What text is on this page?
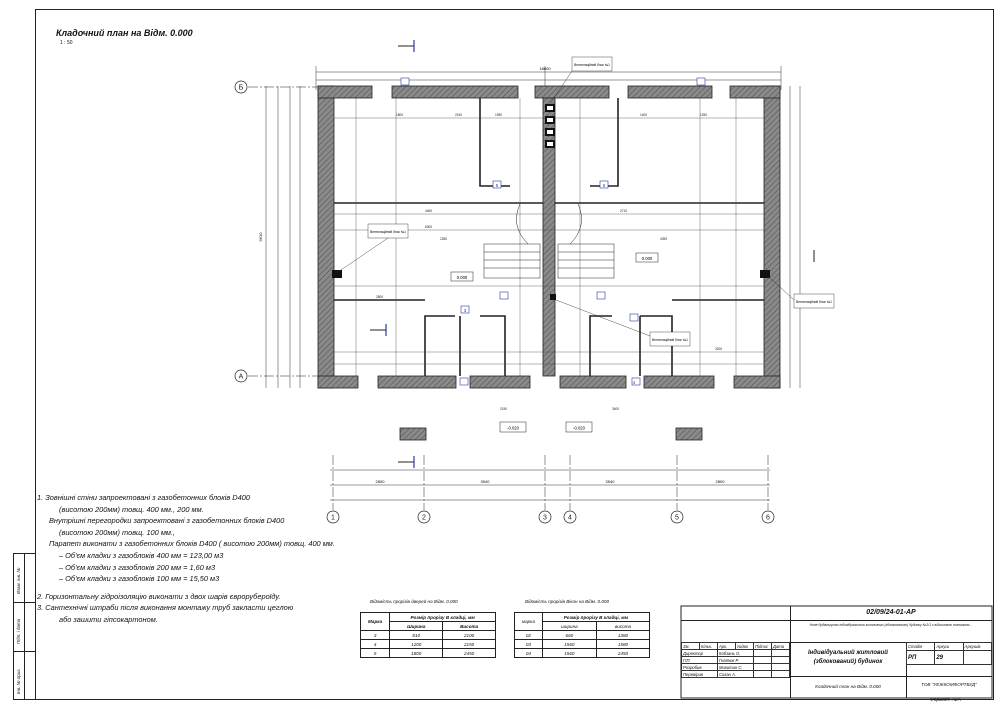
Інв. № ориг.
Підп. і дата
Взам. інв. №
Кладочний план на Відм. 0.000
1 : 50
18600
9610
2800	3540	3540	2800
Вентиляційний блок №1
Вентиляційний блок №1
Вентиляційний блок №1
Вентиляційний блок №1
0.000
0.000
-0.020	-0.020
3
4
5	5
1800	2150	1950
2800
2280
4460	2710
1400	1250
4390
6300
3400
2150
3200
1	2	3	4	5	6
Б
А
1. Зовнішні стіни запроектовані з газобетонних блоків D400
(висотою 200мм) товщ. 400 мм., 200 мм.
Внутрішні перегородки запроектовані з газобетонних блоків D400
(висотою 200мм) товщ. 100 мм.,
Парапет виконати з газобетонних блоків D400 ( висотою 200мм) товщ. 400 мм.
– Об'єм кладки з газоблоків 400 мм = 123,00 м3
– Об'єм кладки з газоблоків 200 мм = 1,60 м3
– Об'єм кладки з газоблоків 100 мм = 15,50 м3
2. Горизонтальну гідроізоляцію виконати з двох шарів єврорубероїду.
3. Сантехнічні штраби після виконання монтажу труб закласти цеглою
або зашити гіпсокартоном.
Відомість прорізів дверей на Відм. 0.000
Марка	Розмір прорізу В кладці, мм	
	Ширина	Висота
3	810	2100
4	1200	2150
5	1800	2450
Відомість прорізів Вікон на Відм. 0.000
марка	Розмір прорізу В кладці, мм	
	ширина	висота
02	660	1380
03	1560	1580
04	1560	2450
02/09/24-01-АР
Нове будівництво індивідуального житлового (зблокованого) будинку №3/1 з військовою позначкою...
Зм.	Кільк.	Арк.	№док	Підпис	Дата
Директор		Кобзань О.			
ГІП		Гнатюк Р.			
Розробив		Микитин С.			
Перевірив		Созан А.			
Індивідуальний житловий (зблокований) будинок
Кладочний план на Відм. 0.000
Стадія	Аркуш	Аркушів
РП	29	
ТОВ "УЕЖКОМФОРТБУД"
Формат: А2А
